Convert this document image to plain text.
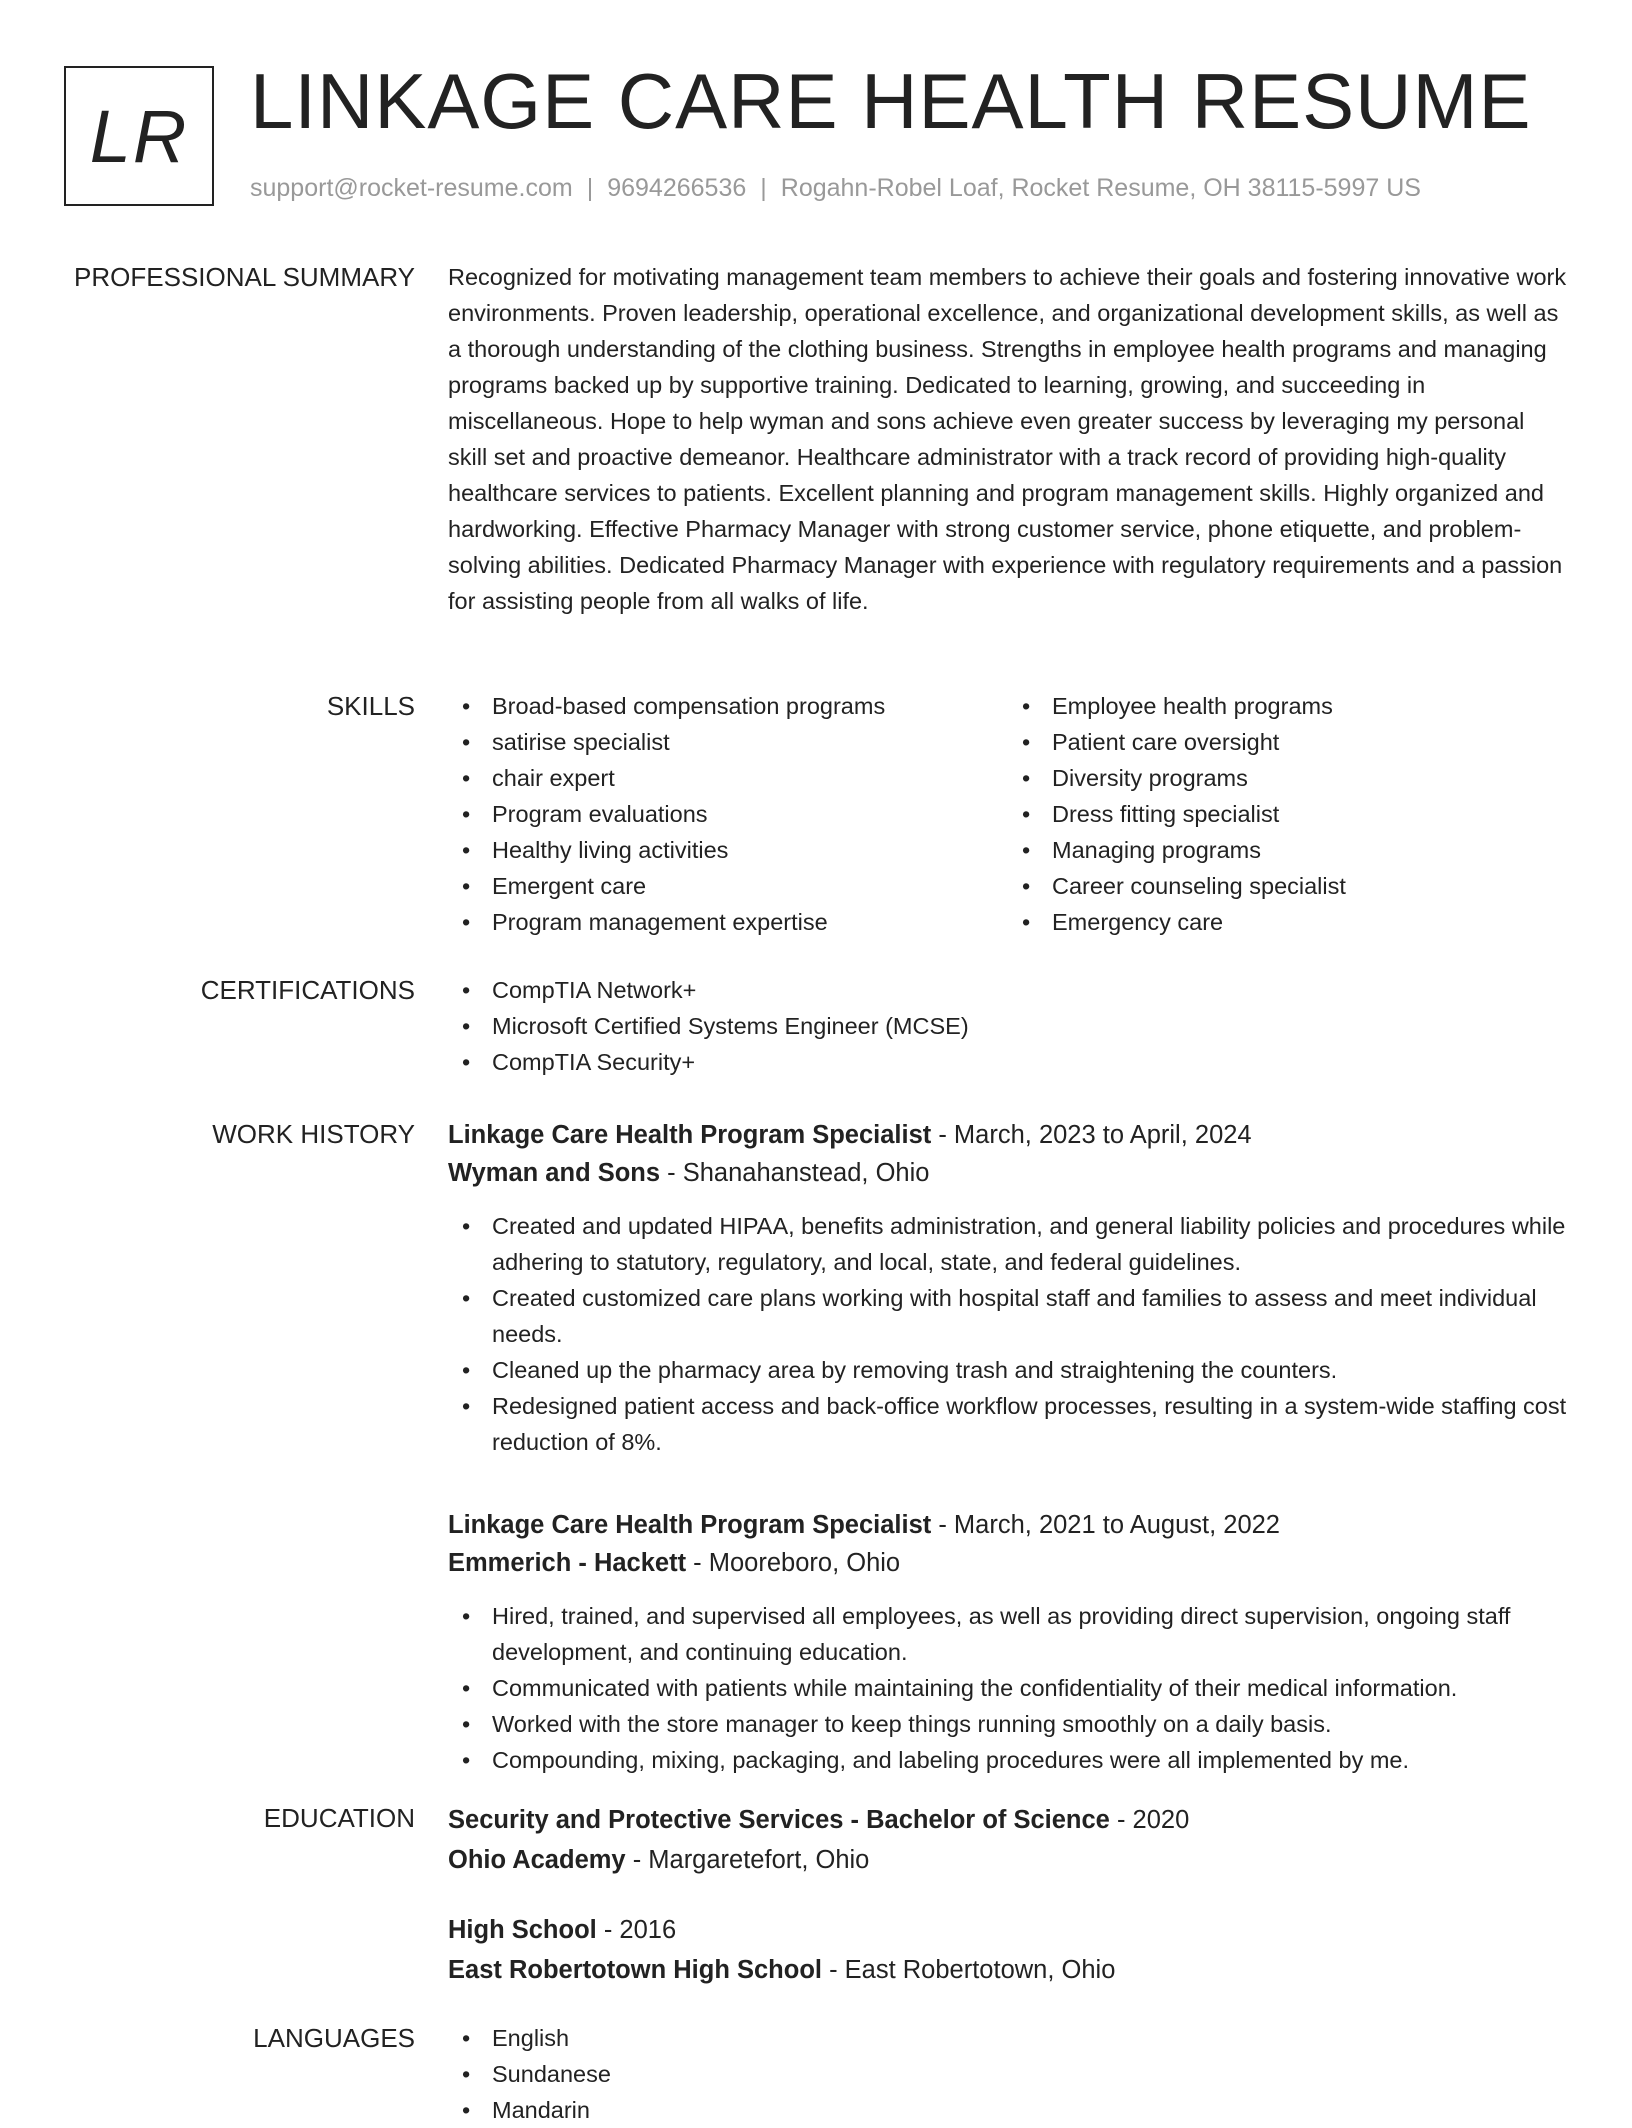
LR LINKAGE CARE HEALTH RESUME
support@rocket-resume.com | 9694266536 | Rogahn-Robel Loaf, Rocket Resume, OH 38115-5997 US
PROFESSIONAL SUMMARY Recognized for motivating management team members to achieve their goals and fostering innovative work environments. Proven leadership, operational excellence, and organizational development skills, as well as a thorough understanding of the clothing business. Strengths in employee health programs and managing programs backed up by supportive training. Dedicated to learning, growing, and succeeding in miscellaneous. Hope to help wyman and sons achieve even greater success by leveraging my personal skill set and proactive demeanor. Healthcare administrator with a track record of providing high-quality healthcare services to patients. Excellent planning and program management skills. Highly organized and hardworking. Effective Pharmacy Manager with strong customer service, phone etiquette, and problem-solving abilities. Dedicated Pharmacy Manager with experience with regulatory requirements and a passion for assisting people from all walks of life.

SKILLS	• Broad-based compensation programs
• satirise specialist
• chair expert
• Program evaluations
• Healthy living activities
• Emergent care
• Program management expertise
• Employee health programs
• Patient care oversight
• Diversity programs
• Dress fitting specialist
• Managing programs
• Career counseling specialist
• Emergency care
CERTIFICATIONS	• CompTIA Network+
• Microsoft Certified Systems Engineer (MCSE)
• CompTIA Security+
WORK HISTORY Linkage Care Health Program Specialist - March, 2023 to April, 2024
Wyman and Sons - Shanahanstead, Ohio
• Created and updated HIPAA, benefits administration, and general liability policies and procedures while adhering to statutory, regulatory, and local, state, and federal guidelines.
• Created customized care plans working with hospital staff and families to assess and meet individual needs.
• Cleaned up the pharmacy area by removing trash and straightening the counters.
• Redesigned patient access and back-office workflow processes, resulting in a system-wide staffing cost reduction of 8%.
Linkage Care Health Program Specialist - March, 2021 to August, 2022
Emmerich - Hackett - Mooreboro, Ohio
• Hired, trained, and supervised all employees, as well as providing direct supervision, ongoing staff development, and continuing education.
• Communicated with patients while maintaining the confidentiality of their medical information.
• Worked with the store manager to keep things running smoothly on a daily basis.
• Compounding, mixing, packaging, and labeling procedures were all implemented by me.
EDUCATION Security and Protective Services - Bachelor of Science - 2020
Ohio Academy - Margaretefort, Ohio
High School - 2016
East Robertotown High School - East Robertotown, Ohio
LANGUAGES	• English
• Sundanese
• Mandarin
